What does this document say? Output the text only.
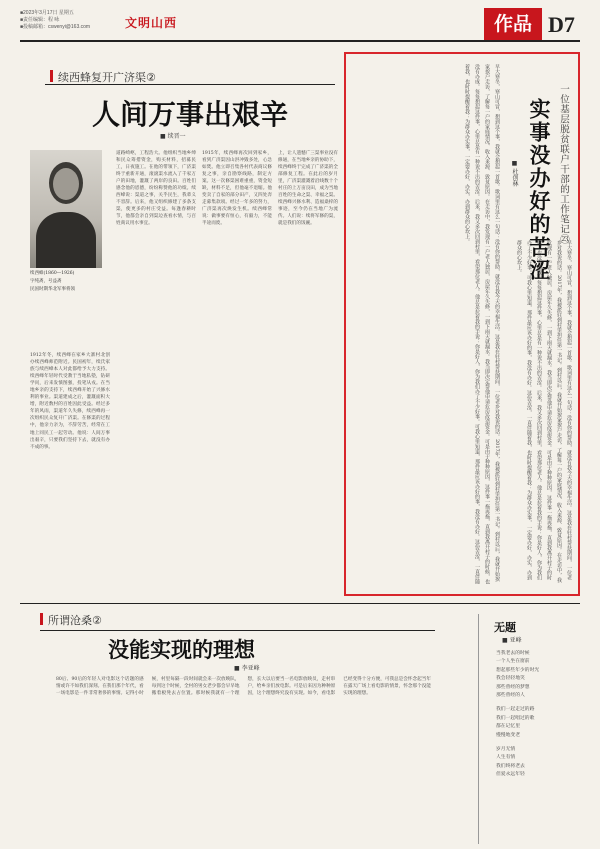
■2023年3月17日 星期五
■责任编辑：程 咏
■投稿邮箱：cswenyi@163.com	文明山西	作品 D7
续西蜂复开广济渠②
人间万事出艰辛
■ 续晋一
续西蜂(1860—1926)
字纯斋，号益斋
民国时期华北军事将领
1912年冬，续西峰在家乡大寨村北创办续西峰师范附近。民国初年，续氏家族与续西峰本人对此都给予大力支持。续西峰年轻时代受教于当地私塾，钻研学问，后来发愤图强，投笔从戎。在当地乡亲的支持下，续西峰开始了兴修水利的事业。渠道建成之后，灌溉面积大增，附近数村的百姓因此受益。经过多年的风雨，渠道年久失修，续西峰再一次组织民众复开广济渠。在修渠的过程中，他亲力亲为，不辞劳苦，经常在工地上同民工一起劳动。他说：人间万事出艰辛，只要我们坚持下去，就没有办不成的事。
道路崎岖，工程浩大。他组织当地乡绅和民众筹措资金，购买材料，招募民工，日夜施工。在他的带领下，广济渠终于重新开通，滚滚渠水流入了千家万户的田地，灌溉了两岸的良田。百姓们感念他的恩德，纷纷称赞他的功绩。续西峰说：渠道之事，关乎民生，我辈义不容辞。后来，他又组织修建了多条支渠，使更多的村庄受益。每逢春耕时节，他都会亲自到渠边查看水情，与百姓商议用水事宜。
1915年，续西峰再次回到家乡，看到广济渠因山洪冲毁多处，心急如焚。他立即召集各村代表商议修复之事，亲自勘察线路，制定方案。这一次修渠困难重重，资金短缺，材料不足，但他毫不退缩。他变卖了自家的部分田产，又四处奔走募集款项。经过一年多的努力，广济渠再次焕发生机。续西峰常说：做事要有恒心，有毅力，不能半途而废。
上，让人遗憾广三渠事业没有修通，在当地乡亲的协助下，续西峰终于完成了广济渠的全部修复工程。在此后的岁月里，广济渠灌溉着沿线数十个村庄的上万亩良田，成为当地百姓的生命之渠、幸福之渠。续西峰兴修水利、造福桑梓的事迹，至今仍在当地广为流传。人们说：续将军修的渠，就是我们的饭碗。	一位基层脱贫联户干部的工作笔记㉓
实事没办好的苦涩
■ 杜创林
早大寒冬，寒山可冒，想到这个事，我就会想起一首歌。歌词里有这么一句话：没有你的帮助，就没有我今天的幸福生活。这是我在驻村帮扶期间，一位老乡对我说的话。2017年，我被派驻到村里担任第一书记。到村以后，我就开始挨家挨户走访，了解每一户的家庭情况、收入来源、致贫原因。在走访中，我发现有一户老人独居，房屋年久失修，一到下雨天就漏水。我当即决定帮他申请危房改造资金。可是由于种种原因，这件事一拖再拖，直到我离开村子的时候，也没有办成。每每想起这件事，心里总是有一种说不出的苦涩。后来，我又多次回到村里，看望那位老人。他总是拉着我的手说：你是好人，你为我们办了不少好事。可我心里知道，那件最应该办好的事，我没有办好。这份苦涩，一直伴随着我，也时时提醒着我：为群众办实事，一定要办好，办实，办到群众的心坎上。
早大寒冬，寒山可冒，想到这个事，我就会想起一首歌。歌词里有这么一句话：没有你的帮助，就没有我今天的幸福生活。这是我在驻村帮扶期间，一位老乡对我说的话。2017年，我被派驻到村里担任第一书记。到村以后，我就开始挨家挨户走访，了解每一户的家庭情况、收入来源、致贫原因。在走访中，我发现有一户老人独居，房屋年久失修，一到下雨天就漏水。我当即决定帮他申请危房改造资金。可是由于种种原因，这件事一拖再拖，直到我离开村子的时候，也没有办成。每每想起这件事，心里总是有一种说不出的苦涩。后来，我又多次回到村里，看望那位老人。他总是拉着我的手说：你是好人，你为我们办了不少好事。可我心里知道，那件最应该办好的事，我没有办好。这份苦涩，一直伴随着我，也时时提醒着我：为群众办实事，一定要办好，办实，办到群众的心坎上。
所谓沧桑②
没能实现的理想
■ 李亚峰
80后、90后的年轻人对电影这个话题的感情或许不如我们深刻。在我们那个年代，看一场电影是一件非常奢侈的事情。记得小时候，村里每隔一段时间就会来一次放映队，每到这个时候，全村的男女老少都会早早地搬着板凳去占位置。那时候我就有一个理想，长大以后要当一名电影放映员，走村串户，给乡亲们放电影。可是后来因为种种原因，这个理想终究没有实现。如今，看电影已经变得十分方便，可我总是会怀念起当年在露天广场上看电影的情景，怀念那个没能实现的理想。
无题
■ 亚峰
当我老去的时候
一个人坐在窗前
想起那些年少的时光
我会轻轻地笑
那些曾经的梦想
那些曾经的人
我们一起走过的路
我们一起唱过的歌
都在记忆里
慢慢地变老
岁月无情
人生有情
我们终将老去
但爱永远年轻
